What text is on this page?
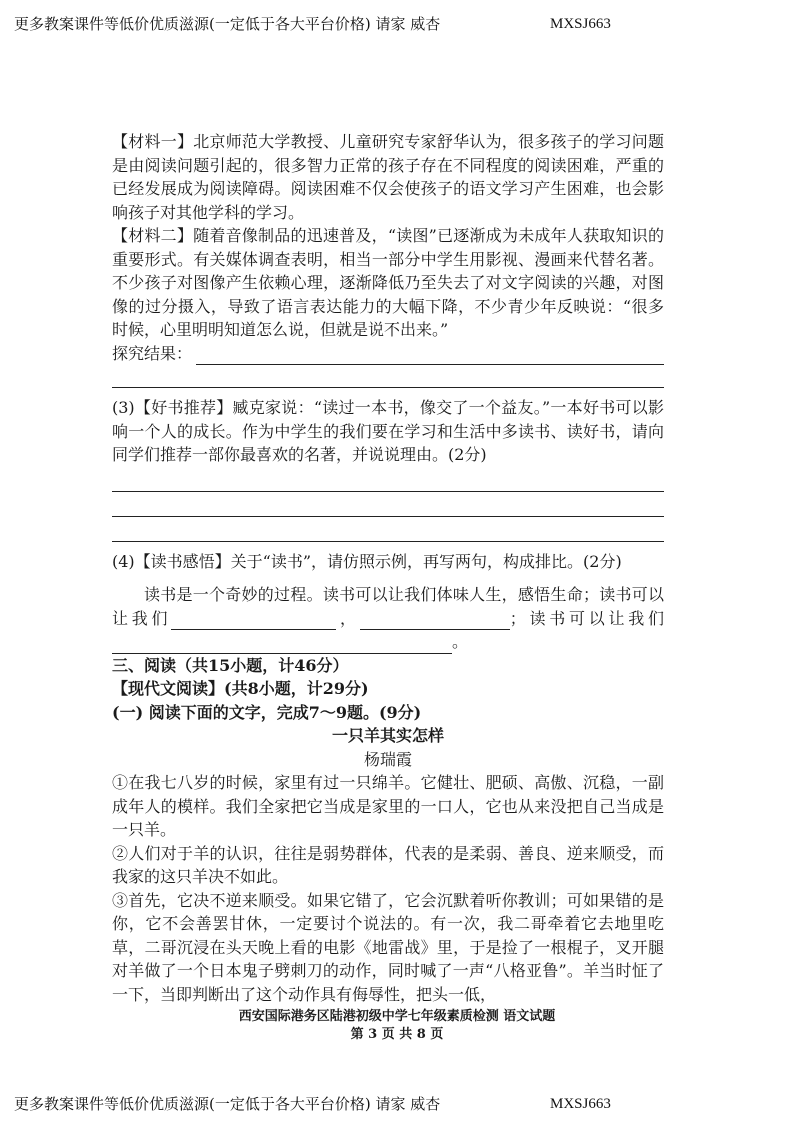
更多教案课件等低价优质滋源(一定低于各大平台价格) 请家 威杏	MXSJ663

【材料一】北京师范大学教授、儿童研究专家舒华认为，很多孩子的学习问题是由阅读问题引起的，很多智力正常的孩子存在不同程度的阅读困难，严重的已经发展成为阅读障碍。阅读困难不仅会使孩子的语文学习产生困难，也会影响孩子对其他学科的学习。

【材料二】随着音像制品的迅速普及，“读图”已逐渐成为未成年人获取知识的重要形式。有关媒体调查表明，相当一部分中学生用影视、漫画来代替名著。不少孩子对图像产生依赖心理，逐渐降低乃至失去了对文字阅读的兴趣，对图像的过分摄入，导致了语言表达能力的大幅下降，不少青少年反映说：“很多时候，心里明明知道怎么说，但就是说不出来。”

探究结果：

(3)【好书推荐】臧克家说：“读过一本书，像交了一个益友。”一本好书可以影响一个人的成长。作为中学生的我们要在学习和生活中多读书、读好书，请向同学们推荐一部你最喜欢的名著，并说说理由。(2分)

(4)【读书感悟】关于“读书”，请仿照示例，再写两句，构成排比。(2分)

读书是一个奇妙的过程。读书可以让我们体味人生，感悟生命；读书可以让我们	，	；读书可以让我们。

三、阅读（共15小题，计46分）

【现代文阅读】(共8小题，计29分)

(一) 阅读下面的文字，完成7～9题。(9分)

一只羊其实怎样

杨瑞霞

①在我七八岁的时候，家里有过一只绵羊。它健壮、肥硕、高傲、沉稳，一副成年人的模样。我们全家把它当成是家里的一口人，它也从来没把自己当成是一只羊。

②人们对于羊的认识，往往是弱势群体，代表的是柔弱、善良、逆来顺受，而我家的这只羊决不如此。

③首先，它决不逆来顺受。如果它错了，它会沉默着听你教训；可如果错的是你，它不会善罢甘休，一定要讨个说法的。有一次，我二哥牵着它去地里吃草，二哥沉浸在头天晚上看的电影《地雷战》里，于是捡了一根棍子，叉开腿对羊做了一个日本鬼子劈刺刀的动作，同时喊了一声“八格亚鲁”。羊当时怔了一下，当即判断出了这个动作具有侮辱性，把头一低，

西安国际港务区陆港初级中学七年级素质检测 语文试题
第 3 页 共 8 页
更多教案课件等低价优质滋源(一定低于各大平台价格) 请家 威杏	MXSJ663
